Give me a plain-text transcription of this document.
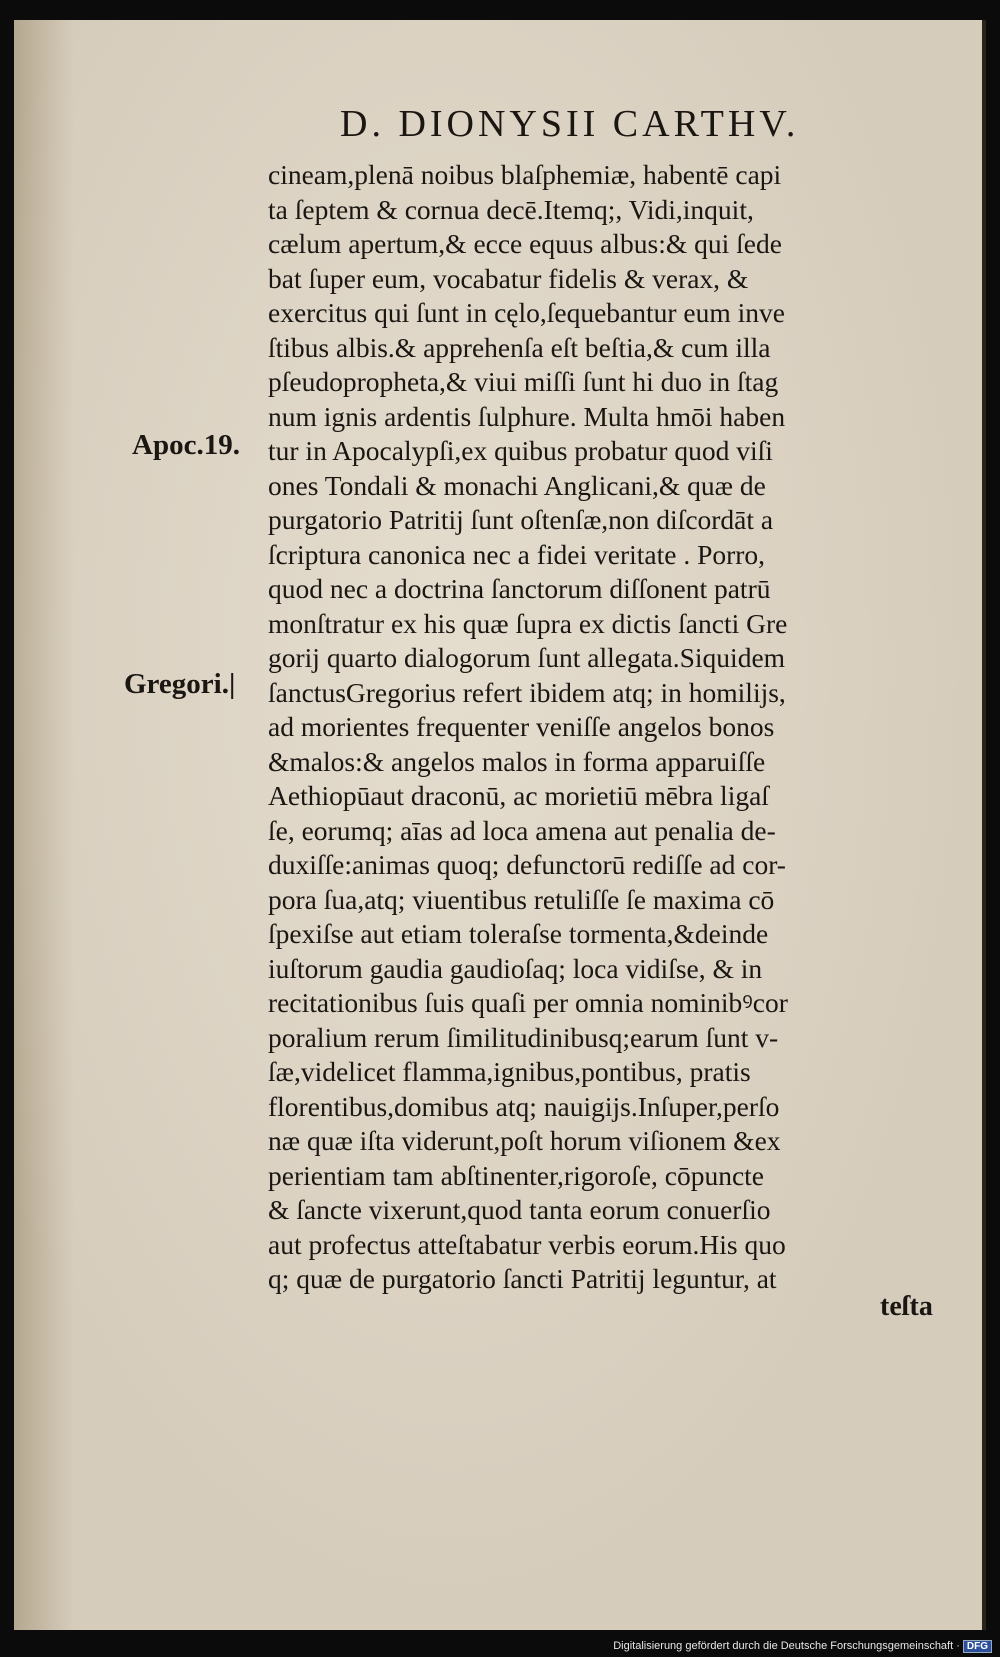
D. DIONYSII CARTHV.
cineam,plenā noibus blaſphemiæ, habentē capi
ta ſeptem & cornua decē.Itemq;, Vidi,inquit,
cælum apertum,& ecce equus albus:& qui ſede
bat ſuper eum, vocabatur fidelis & verax, &
exercitus qui ſunt in cęlo,ſequebantur eum inve
ſtibus albis.& apprehenſa eſt beſtia,& cum illa
pſeudopropheta,& viui miſſi ſunt hi duo in ſtag
num ignis ardentis ſulphure. Multa hmōi haben
tur in Apocalypſi,ex quibus probatur quod viſi
ones Tondali & monachi Anglicani,& quæ de
purgatorio Patritij ſunt oſtenſæ,non diſcordāt a
ſcriptura canonica nec a fidei veritate . Porro,
quod nec a doctrina ſanctorum diſſonent patrū
monſtratur ex his quæ ſupra ex dictis ſancti Gre
gorij quarto dialogorum ſunt allegata.Siquidem
ſanctusGregorius refert ibidem atq; in homilijs,
ad morientes frequenter veniſſe angelos bonos
&malos:& angelos malos in forma apparuiſſe
Aethiopūaut draconū, ac morietiū mēbra ligaſ
ſe, eorumq; aīas ad loca amena aut penalia de-
duxiſſe:animas quoq; defunctorū rediſſe ad cor-
pora ſua,atq; viuentibus retuliſſe ſe maxima cō
ſpexiſse aut etiam toleraſse tormenta,&deinde
iuſtorum gaudia gaudioſaq; loca vidiſse, & in
recitationibus ſuis quaſi per omnia nominibꝰcor
poralium rerum ſimilitudinibusq;earum ſunt v-
ſæ,videlicet flamma,ignibus,pontibus, pratis
florentibus,domibus atq; nauigijs.Inſuper,perſo
næ quæ iſta viderunt,poſt horum viſionem &ex
perientiam tam abſtinenter,rigoroſe, cōpuncte
& ſancte vixerunt,quod tanta eorum conuerſio
aut profectus atteſtabatur verbis eorum.His quo
q; quæ de purgatorio ſancti Patritij leguntur, at
Apoc.19.
Gregori.|
teſta
Digitalisierung gefördert durch die Deutsche Forschungsgemeinschaft · DFG
